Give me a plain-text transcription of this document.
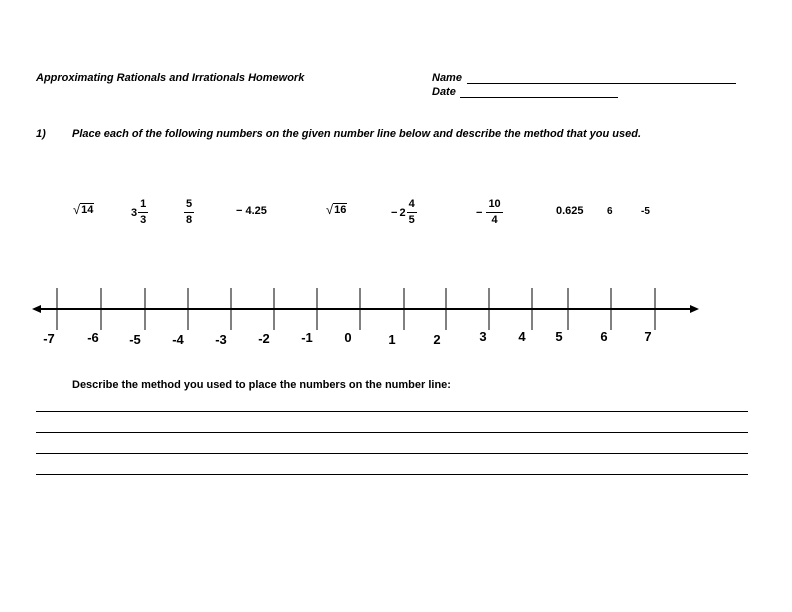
Approximating Rationals and Irrationals Homework	Name
Date
1) Place each of the following numbers on the given number line below and describe the method that you used.
√ 14	$3 \frac{1}{3}$	$\frac{5}{8}$	− 4.25	√ 16	− $2 \frac{4}{5}$	− $\frac{10}{4}$	0.625 6	-5
-7 -6 -5 -4 -3 -2 -1 0	1	2	3 4 5	6	7
Describe the method you used to place the numbers on the number line:
